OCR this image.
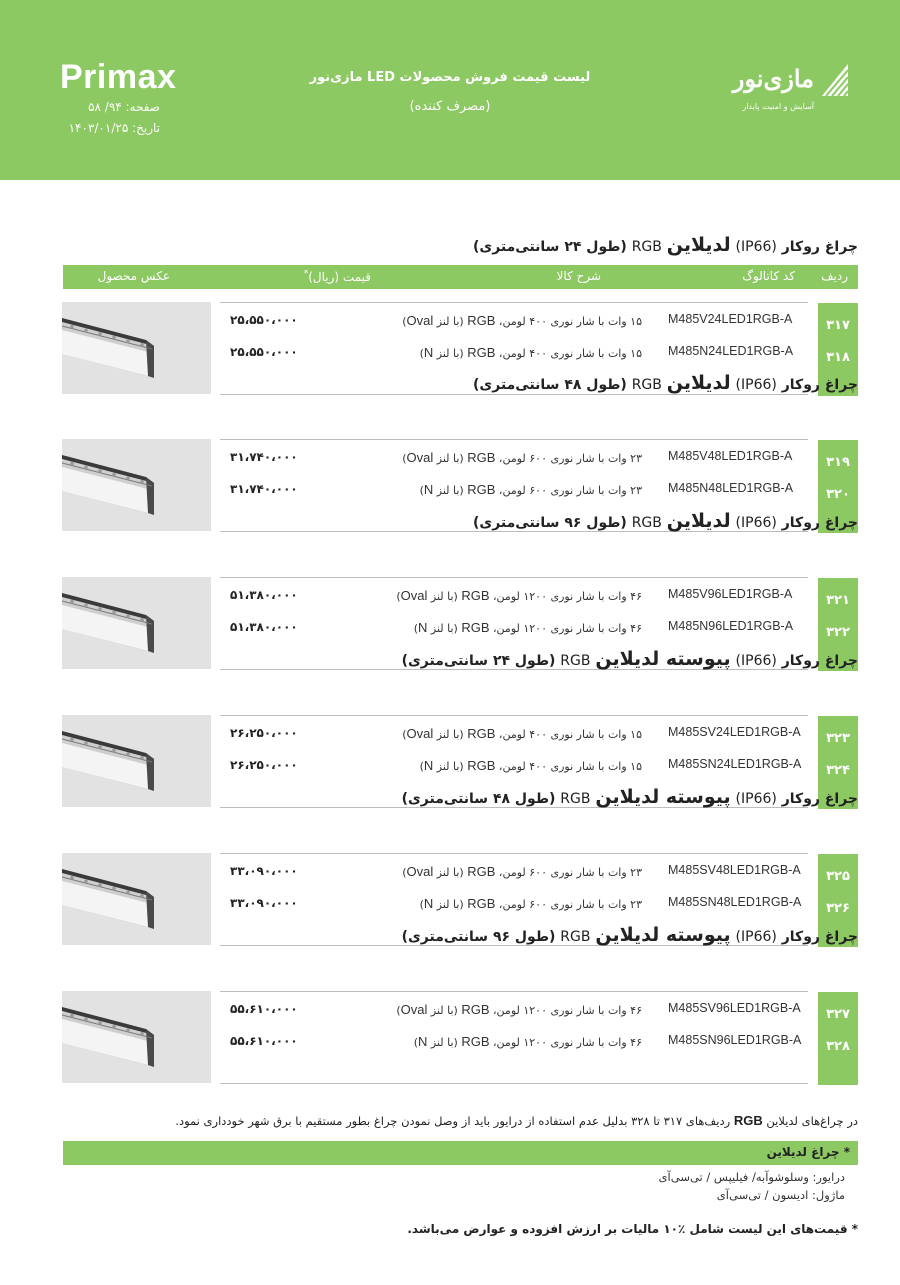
Primax
صفحه: ۹۴/ ۵۸
تاریخ: ۱۴۰۳/۰۱/۲۵
لیست قیمت فروش محصولات LED مازی‌نور
(مصرف کننده)
مازی‌نور
آسایش و امنیت پایدار
ردیف
کد کاتالوگ
شرح کالا
قیمت (ریال)*
عکس محصول
چراغ روکار (IP66) لدیلاین RGB (طول ۲۴ سانتی‌متری)
M485V24LED1RGB-A
۱۵ وات با شار نوری ۴۰۰ لومن، RGB (با لنز Oval)
۲۵،۵۵۰،۰۰۰
M485N24LED1RGB-A
۱۵ وات با شار نوری ۴۰۰ لومن، RGB (با لنز N)
۲۵،۵۵۰،۰۰۰
۳۱۷
۳۱۸
چراغ روکار (IP66) لدیلاین RGB (طول ۴۸ سانتی‌متری)
M485V48LED1RGB-A
۲۳ وات با شار نوری ۶۰۰ لومن، RGB (با لنز Oval)
۳۱،۷۴۰،۰۰۰
M485N48LED1RGB-A
۲۳ وات با شار نوری ۶۰۰ لومن، RGB (با لنز N)
۳۱،۷۴۰،۰۰۰
۳۱۹
۳۲۰
چراغ روکار (IP66) لدیلاین RGB (طول ۹۶ سانتی‌متری)
M485V96LED1RGB-A
۴۶ وات با شار نوری ۱۲۰۰ لومن، RGB (با لنز Oval)
۵۱،۳۸۰،۰۰۰
M485N96LED1RGB-A
۴۶ وات با شار نوری ۱۲۰۰ لومن، RGB (با لنز N)
۵۱،۳۸۰،۰۰۰
۳۲۱
۳۲۲
چراغ روکار (IP66) پیوسته لدیلاین RGB (طول ۲۴ سانتی‌متری)
M485SV24LED1RGB-A
۱۵ وات با شار نوری ۴۰۰ لومن، RGB (با لنز Oval)
۲۶،۲۵۰،۰۰۰
M485SN24LED1RGB-A
۱۵ وات با شار نوری ۴۰۰ لومن، RGB (با لنز N)
۲۶،۲۵۰،۰۰۰
۳۲۳
۳۲۴
چراغ روکار (IP66) پیوسته لدیلاین RGB (طول ۴۸ سانتی‌متری)
M485SV48LED1RGB-A
۲۳ وات با شار نوری ۶۰۰ لومن، RGB (با لنز Oval)
۳۳،۰۹۰،۰۰۰
M485SN48LED1RGB-A
۲۳ وات با شار نوری ۶۰۰ لومن، RGB (با لنز N)
۳۳،۰۹۰،۰۰۰
۳۲۵
۳۲۶
چراغ روکار (IP66) پیوسته لدیلاین RGB (طول ۹۶ سانتی‌متری)
M485SV96LED1RGB-A
۴۶ وات با شار نوری ۱۲۰۰ لومن، RGB (با لنز Oval)
۵۵،۶۱۰،۰۰۰
M485SN96LED1RGB-A
۴۶ وات با شار نوری ۱۲۰۰ لومن، RGB (با لنز N)
۵۵،۶۱۰،۰۰۰
۳۲۷
۳۲۸
در چراغ‌های لدیلاین RGB ردیف‌های ۳۱۷ تا ۳۲۸ بدلیل عدم استفاده از درایور باید از وصل نمودن چراغ بطور مستقیم با برق شهر خودداری نمود.
* چراغ لدیلاین
درایور: وسلوشوآبه/ فیلیپس / تی‌سی‌آی
ماژول: ادیسون / تی‌سی‌آی
* قیمت‌های این لیست شامل ٪۱۰ مالیات بر ارزش افزوده و عوارض می‌باشد.
